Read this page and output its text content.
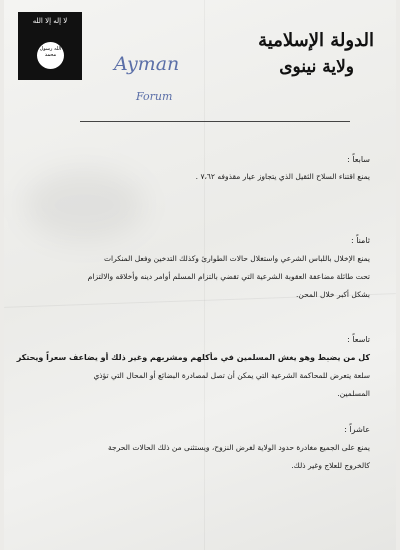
لا إله إلا الله
الله رسول محمد
الدولة الإسلامية
ولاية نينوى
Ayman
Forum
سابعاً :
يمنع اقتناء السلاح الثقيل الذي يتجاوز عيار مقذوفه ٧،٦٢ .
ثامناً :
يمنع الإخلال باللباس الشرعي واستغلال حالات الطوارئ وكذلك التدخين وفعل المنكرات
تحت طائلة مضاعفة العقوبة الشرعية التي تقضي بالتزام المسلم أوامر دينه وأخلاقه والالتزام
بشكل أكبر خلال المحن.
تاسعاً :
كل من يضبط وهو يغش المسلمين في مأكلهم ومشربهم وغير ذلك أو يضاعف سعراً ويحتكر
سلعة يتعرض للمحاكمة الشرعية التي يمكن أن تصل لمصادرة البضائع أو المحال التي تؤذي
المسلمين.
عاشراً :
يمنع على الجميع مغادرة حدود الولاية لغرض النزوح، ويستثنى من ذلك الحالات الحرجة
كالخروج للعلاج وغير ذلك.
